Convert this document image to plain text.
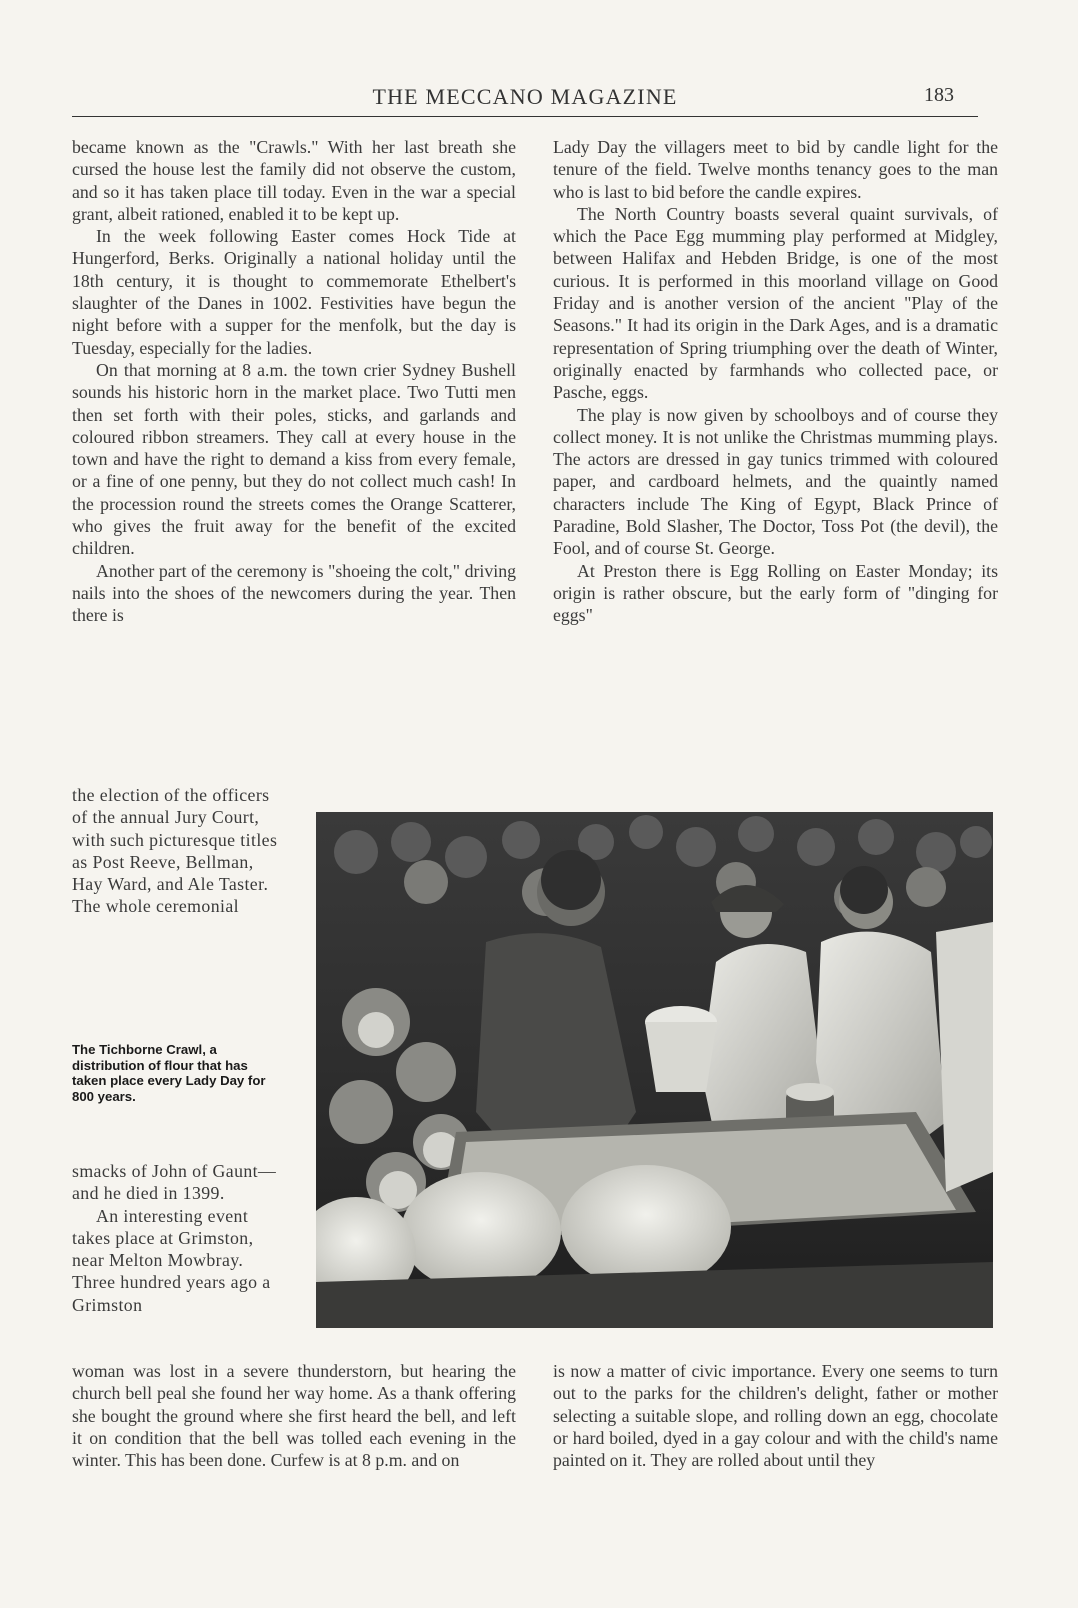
THE MECCANO MAGAZINE	183

became known as the "Crawls." With her last breath she cursed the house lest the family did not observe the custom, and so it has taken place till today. Even in the war a special grant, albeit rationed, enabled it to be kept up.

In the week following Easter comes Hock Tide at Hungerford, Berks. Originally a national holiday until the 18th century, it is thought to commemorate Ethelbert's slaughter of the Danes in 1002. Festivities have begun the night before with a supper for the menfolk, but the day is Tuesday, especially for the ladies.

On that morning at 8 a.m. the town crier Sydney Bushell sounds his historic horn in the market place. Two Tutti men then set forth with their poles, sticks, and garlands and coloured ribbon streamers. They call at every house in the town and have the right to demand a kiss from every female, or a fine of one penny, but they do not collect much cash! In the procession round the streets comes the Orange Scatterer, who gives the fruit away for the benefit of the excited children.

Another part of the ceremony is "shoeing the colt," driving nails into the shoes of the newcomers during the year. Then there is

the election of the officers of the annual Jury Court, with such picturesque titles as Post Reeve, Bellman, Hay Ward, and Ale Taster. The whole ceremonial

The Tichborne Crawl, a distribution of flour that has taken place every Lady Day for 800 years.

smacks of John of Gaunt—and he died in 1399.

An interesting event takes place at Grimston, near Melton Mowbray. Three hundred years ago a Grimston

woman was lost in a severe thunderstorn, but hearing the church bell peal she found her way home. As a thank offering she bought the ground where she first heard the bell, and left it on condition that the bell was tolled each evening in the winter. This has been done. Curfew is at 8 p.m. and on

Lady Day the villagers meet to bid by candle light for the tenure of the field. Twelve months tenancy goes to the man who is last to bid before the candle expires.

The North Country boasts several quaint survivals, of which the Pace Egg mumming play performed at Midgley, between Halifax and Hebden Bridge, is one of the most curious. It is performed in this moorland village on Good Friday and is another version of the ancient "Play of the Seasons." It had its origin in the Dark Ages, and is a dramatic representation of Spring triumphing over the death of Winter, originally enacted by farmhands who collected pace, or Pasche, eggs.

The play is now given by schoolboys and of course they collect money. It is not unlike the Christmas mumming plays. The actors are dressed in gay tunics trimmed with coloured paper, and cardboard helmets, and the quaintly named characters include The King of Egypt, Black Prince of Paradine, Bold Slasher, The Doctor, Toss Pot (the devil), the Fool, and of course St. George.

At Preston there is Egg Rolling on Easter Monday; its origin is rather obscure, but the early form of "dinging for eggs"

is now a matter of civic importance. Every one seems to turn out to the parks for the children's delight, father or mother selecting a suitable slope, and rolling down an egg, chocolate or hard boiled, dyed in a gay colour and with the child's name painted on it. They are rolled about until they
